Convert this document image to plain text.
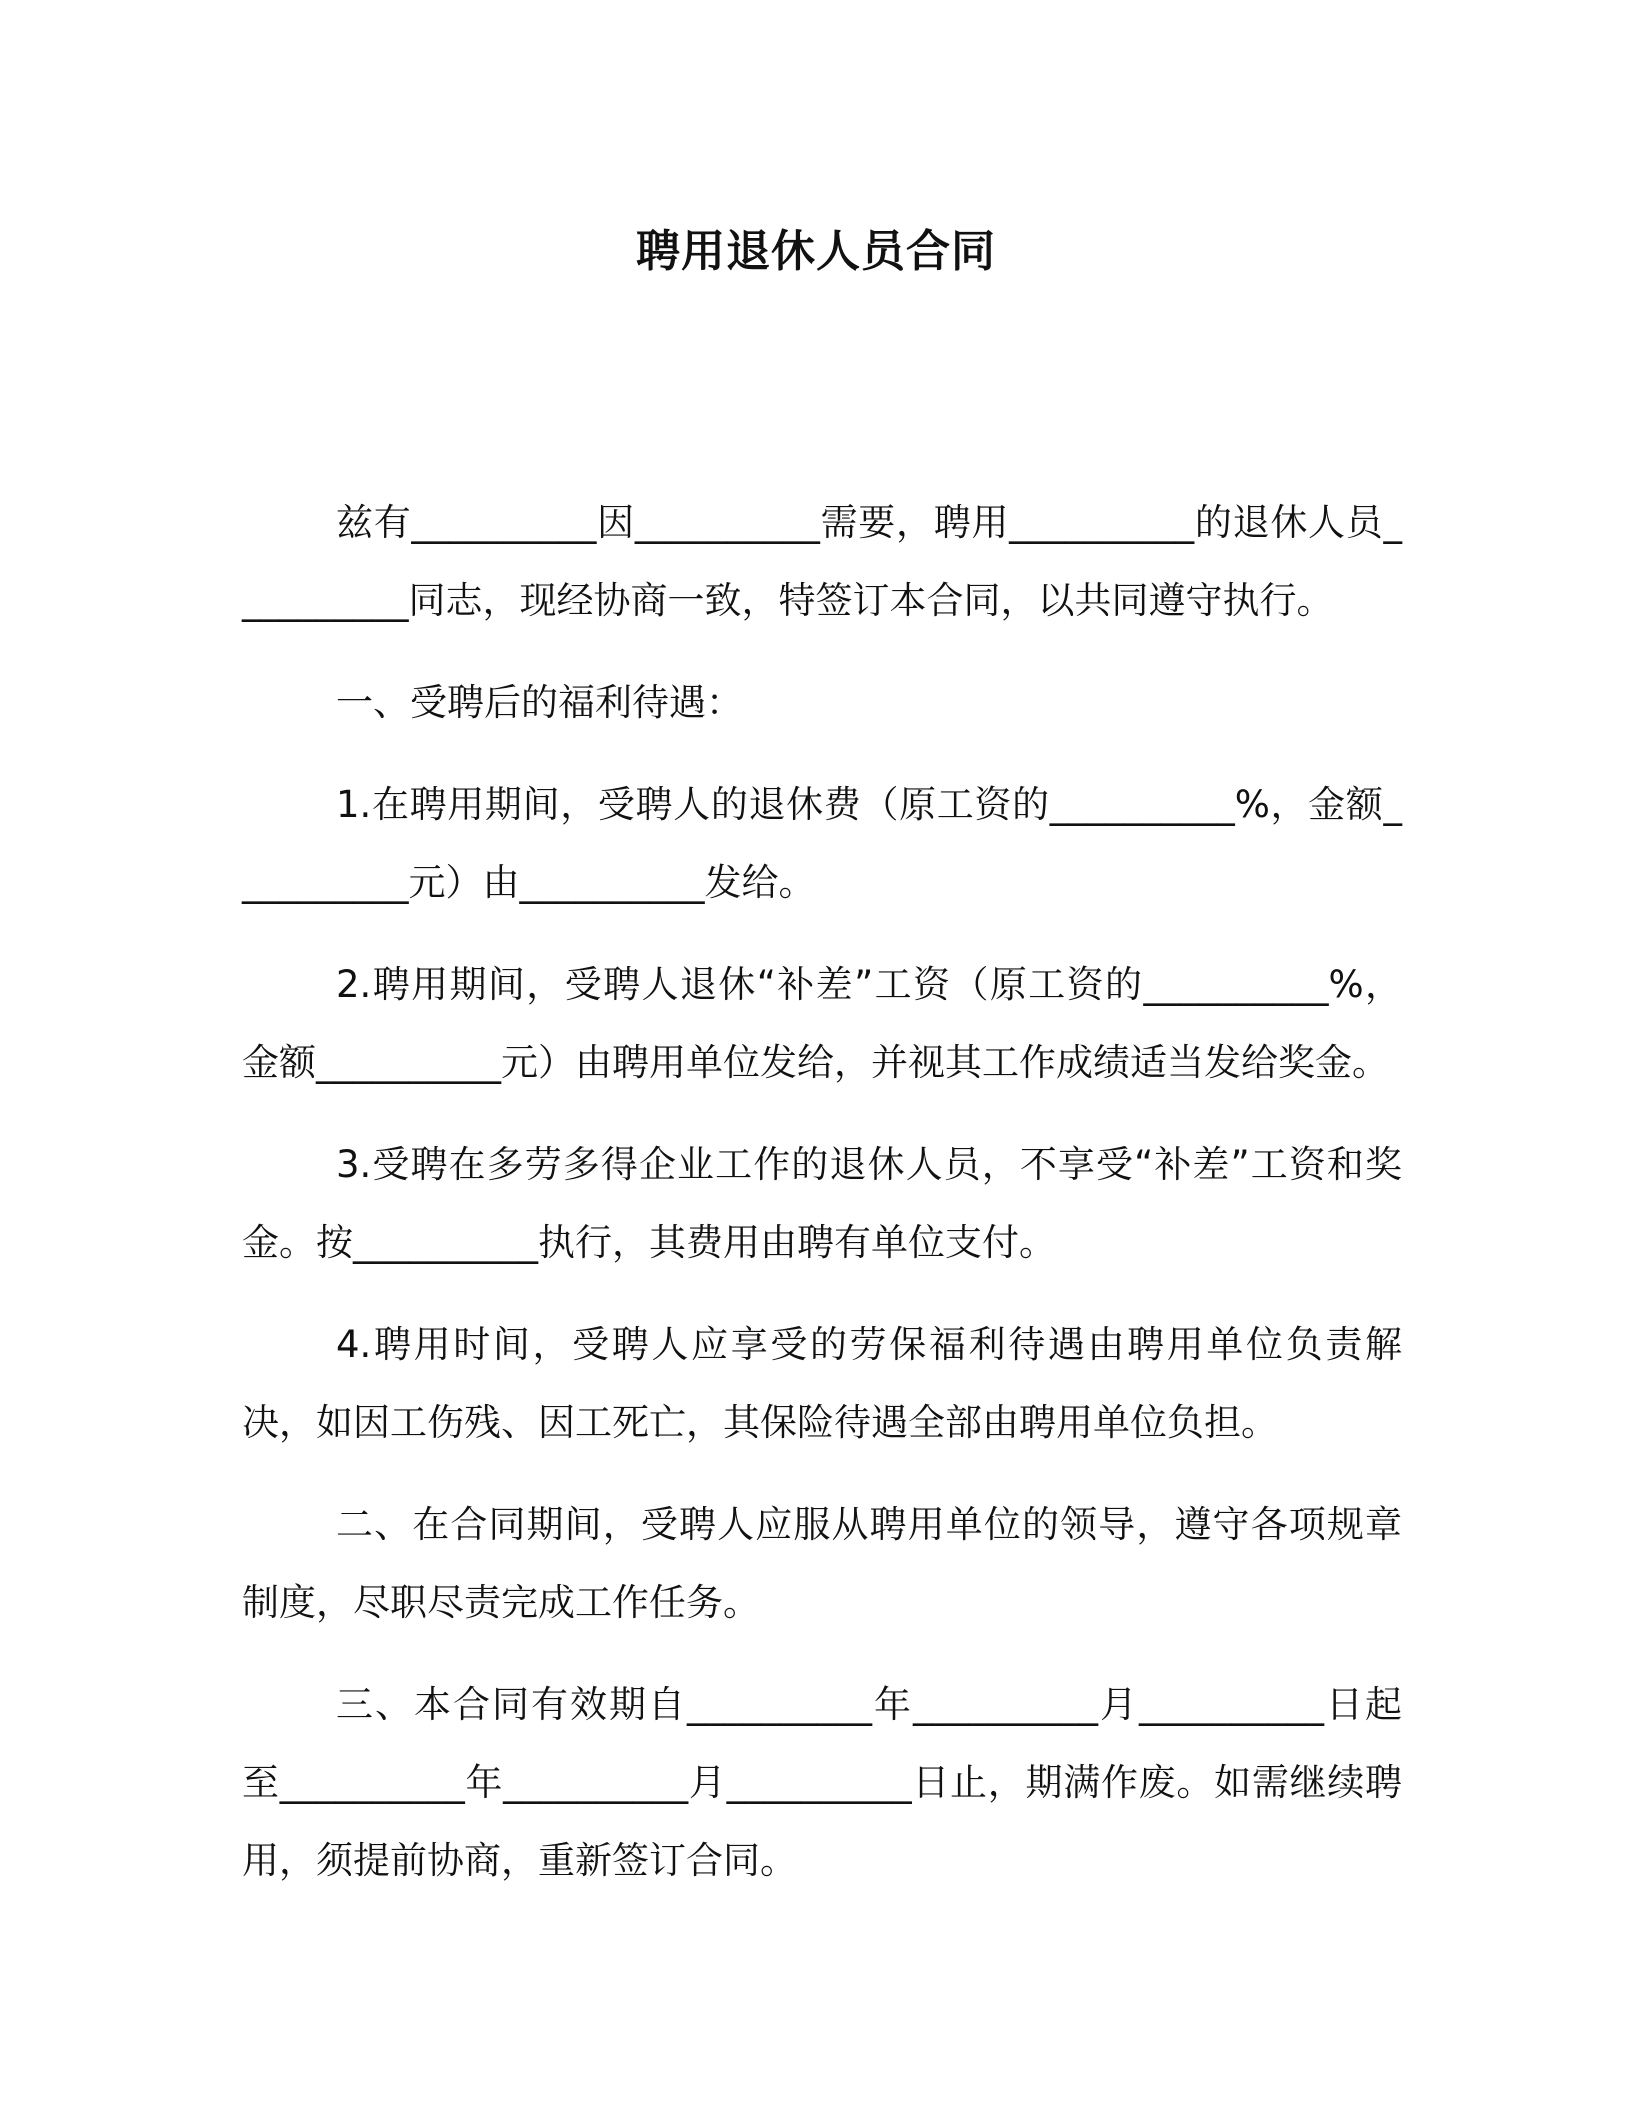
聘用退休人员合同

兹有__________因__________需要，聘用__________的退休人员__________同志，现经协商一致，特签订本合同，以共同遵守执行。

一、受聘后的福利待遇：

1.在聘用期间，受聘人的退休费（原工资的__________%，金额__________元）由__________发给。

2.聘用期间，受聘人退休“补差”工资（原工资的__________%，金额__________元）由聘用单位发给，并视其工作成绩适当发给奖金。

3.受聘在多劳多得企业工作的退休人员，不享受“补差”工资和奖金。按__________执行，其费用由聘有单位支付。

4.聘用时间，受聘人应享受的劳保福利待遇由聘用单位负责解决，如因工伤残、因工死亡，其保险待遇全部由聘用单位负担。

二、在合同期间，受聘人应服从聘用单位的领导，遵守各项规章制度，尽职尽责完成工作任务。

三、本合同有效期自__________年__________月__________日起至__________年__________月__________日止，期满作废。如需继续聘用，须提前协商，重新签订合同。
